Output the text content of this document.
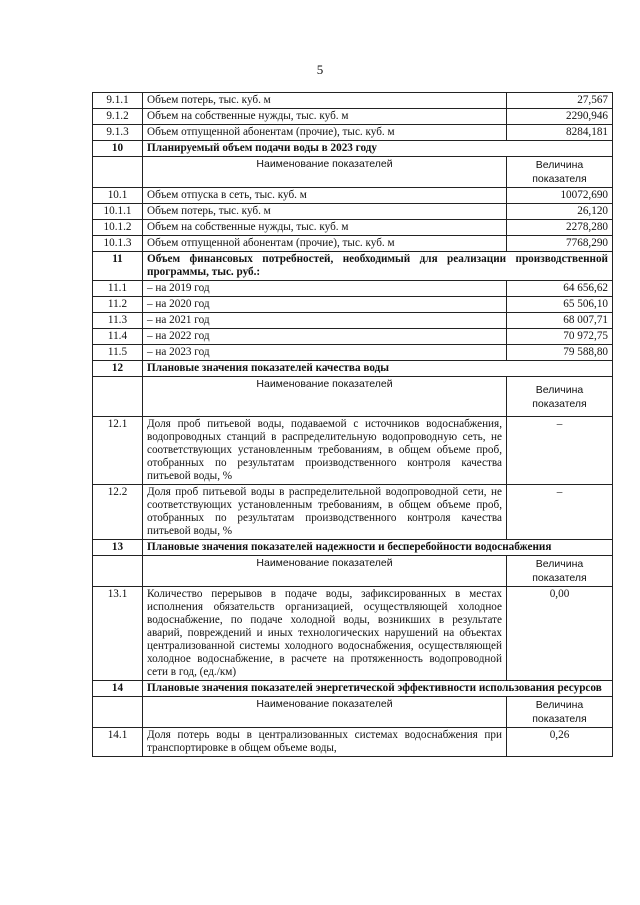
5
9.1.1	Объем потерь, тыс. куб. м	27,567
9.1.2	Объем на собственные нужды, тыс. куб. м	2290,946
9.1.3	Объем отпущенной абонентам (прочие), тыс. куб. м	8284,181
10	Планируемый объем подачи воды в 2023 году	
	Наименование показателей	Величина показателя
10.1	Объем отпуска в сеть, тыс. куб. м	10072,690
10.1.1	Объем потерь, тыс. куб. м	26,120
10.1.2	Объем на собственные нужды, тыс. куб. м	2278,280
10.1.3	Объем отпущенной абонентам (прочие), тыс. куб. м	7768,290
11	Объем финансовых потребностей, необходимый для реализации производственной программы, тыс. руб.:	
11.1	– на 2019 год	64 656,62
11.2	– на 2020 год	65 506,10
11.3	– на 2021 год	68 007,71
11.4	– на 2022 год	70 972,75
11.5	– на 2023 год	79 588,80
12	Плановые значения показателей качества воды	
	Наименование показателей	Величина показателя
12.1	Доля проб питьевой воды, подаваемой с источников водоснабжения, водопроводных станций в распределительную водопроводную сеть, не соответствующих установленным требованиям, в общем объеме проб, отобранных по результатам производственного контроля качества питьевой воды, %	–
12.2	Доля проб питьевой воды в распределительной водопроводной сети, не соответствующих установленным требованиям, в общем объеме проб, отобранных по результатам производственного контроля качества питьевой воды, %	–
13	Плановые значения показателей надежности и бесперебойности водоснабжения	
	Наименование показателей	Величина показателя
13.1	Количество перерывов в подаче воды, зафиксированных в местах исполнения обязательств организацией, осуществляющей холодное водоснабжение, по подаче холодной воды, возникших в результате аварий, повреждений и иных технологических нарушений на объектах централизованной системы холодного водоснабжения, осуществляющей холодное водоснабжение, в расчете на протяженность водопроводной сети в год, (ед./км)	0,00
14	Плановые значения показателей энергетической эффективности использования ресурсов	
	Наименование показателей	Величина показателя
14.1	Доля потерь воды в централизованных системах водоснабжения при транспортировке в общем объеме воды,	0,26
